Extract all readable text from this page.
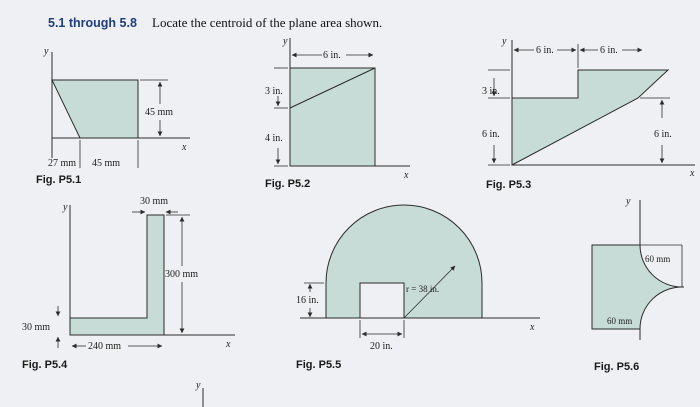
5.1 through 5.8 Locate the centroid of the plane area shown.
y
x
45 mm
27 mm 45 mm
Fig. P5.1
y
x
6 in.
3 in.
4 in.
Fig. P5.2
y
x
6 in.	6 in.
3 in.
6 in.	6 in.
Fig. P5.3
y
x
30 mm
300 mm
30 mm
240 mm
Fig. P5.4
x
r = 38 in.
16 in.
20 in.
Fig. P5.5
y
60 mm
60 mm
Fig. P5.6
y
